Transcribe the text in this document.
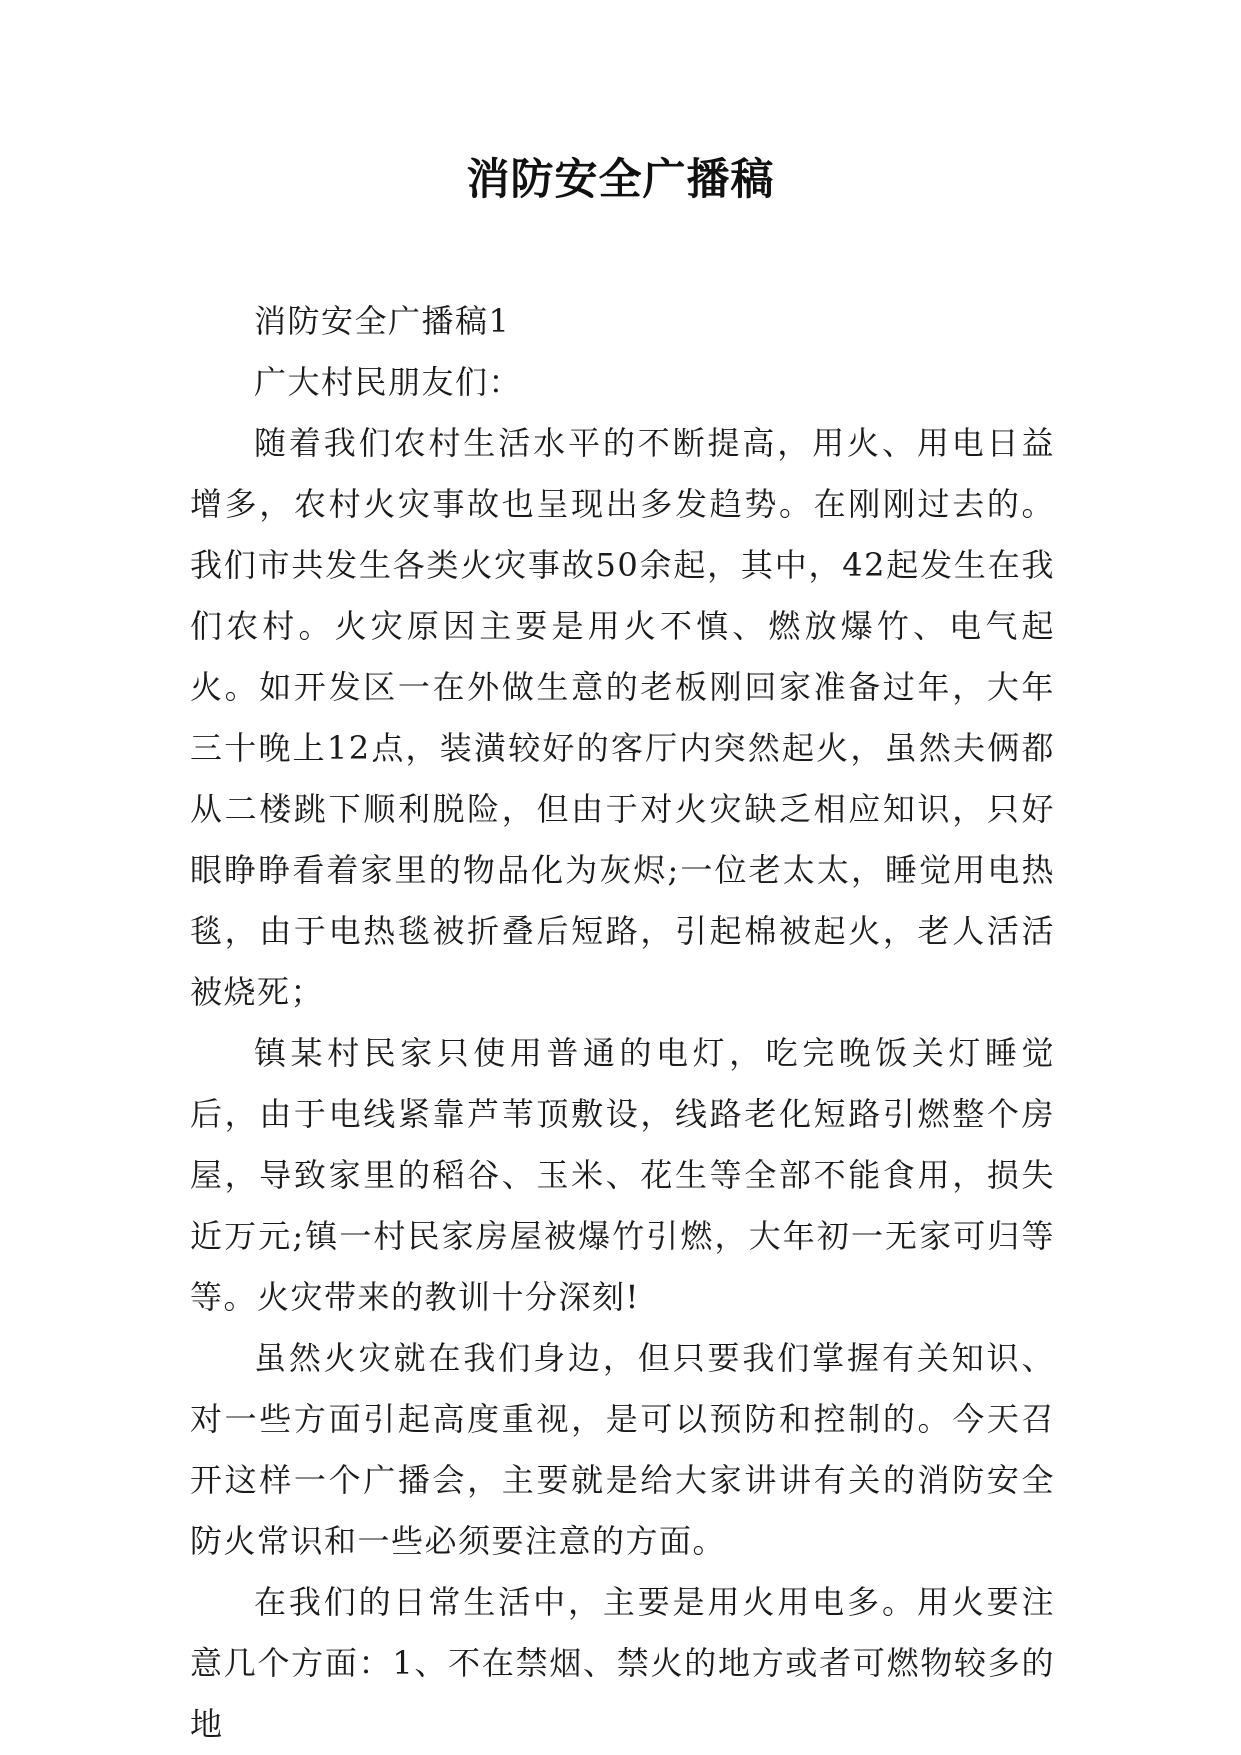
消防安全广播稿

消防安全广播稿1

广大村民朋友们：

随着我们农村生活水平的不断提高，用火、用电日益增多，农村火灾事故也呈现出多发趋势。在刚刚过去的。我们市共发生各类火灾事故50余起，其中，42起发生在我们农村。火灾原因主要是用火不慎、燃放爆竹、电气起火。如开发区一在外做生意的老板刚回家准备过年，大年三十晚上12点，装潢较好的客厅内突然起火，虽然夫俩都从二楼跳下顺利脱险，但由于对火灾缺乏相应知识，只好眼睁睁看着家里的物品化为灰烬;一位老太太，睡觉用电热毯，由于电热毯被折叠后短路，引起棉被起火，老人活活被烧死；

镇某村民家只使用普通的电灯，吃完晚饭关灯睡觉后，由于电线紧靠芦苇顶敷设，线路老化短路引燃整个房屋，导致家里的稻谷、玉米、花生等全部不能食用，损失近万元;镇一村民家房屋被爆竹引燃，大年初一无家可归等等。火灾带来的教训十分深刻!

虽然火灾就在我们身边，但只要我们掌握有关知识、对一些方面引起高度重视，是可以预防和控制的。今天召开这样一个广播会，主要就是给大家讲讲有关的消防安全防火常识和一些必须要注意的方面。

在我们的日常生活中，主要是用火用电多。用火要注意几个方面：1、不在禁烟、禁火的地方或者可燃物较多的地
